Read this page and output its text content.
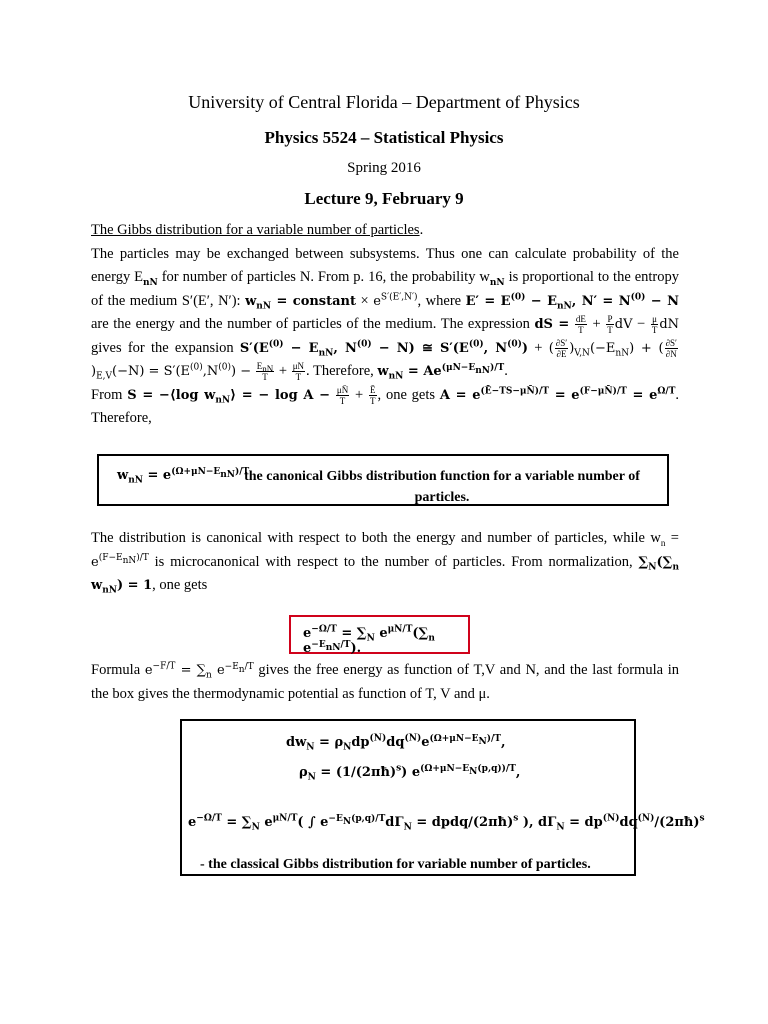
University of Central Florida – Department of Physics
Physics 5524 – Statistical Physics
Spring 2016
Lecture 9, February 9

The Gibbs distribution for a variable number of particles.

The particles may be exchanged between subsystems. Thus one can calculate probability of the energy $E_{nN}$ for number of particles N. From p. 16, the probability $w_{nN}$ is proportional to the entropy of the medium S′(E′, N′): $w_{nN}$ = constant × $e^{S'(E',N')}$, where $E' = E^{(0)} - E_{nN}$, $N' = N^{(0)} - N$ are the energy and the number of particles of the medium. The expression dS = $\frac{dE}{T} + \frac{P}{T}$ dV − $\frac{\mu}{T}$ dN gives for the expansion $S'(E^{(0)} - E_{nN}$, $N^{(0)} - N$) ≅ $S'(E^{(0)}$, $N^{(0)}$) + ( $\frac{\partial S'}{\partial E} )_{V,N}(-E_{nN})$ + ( $\frac{\partial S'}{\partial N}$
)$_{E,V}(-N) = S'(E^{(0)},N^{(0)}) - \frac{E_{nN}}{T} + \frac{\mu N}{T}$ . Therefore, $w_{nN} = Ae^{(\mu N-E_{nN})/T}$.

From S = −⟨log $w_{nN}⟩$ = − $\log A - \frac{\mu N̄}{T} + \frac{Ē}{T}$ , one gets $A = e^{(Ē-TS-\mu N̄)/T} = e^{(F-\mu N̄)/T} = e^{\Omega/T}$. Therefore,

$w_{nN} = e^{(\Omega+\mu N-E_{nN})/T}$
the canonical Gibbs distribution function for a variable number of particles.

The distribution is canonical with respect to both the energy and number of particles, while $w_n = e^{(F-E_{nN})/T}$ is microcanonical with respect to the number of particles. From normalization, $\sum_N(\sum_n$ $w_{nN}) = 1$, one gets

$e^{-\Omega/T} = \sum_N$ $e^{\mu N/T}(\sum_n$ $e^{-E_{nN}/T}$).

Formula $e^{-F/T} = \sum_n$ $e^{-E_n/T}$ gives the free energy as function of T,V and N, and the last formula in the box gives the thermodynamic potential as function of T, V and μ.

$dw_N = \rho_Ndp^{(N)}dq^{(N)}e^{(\Omega+\mu N-E_N)/T}$,
$\rho_N$ = (1/(2πħ)$^s$) $e^{(\Omega+\mu N-E_N(p,q))/T}$,
$e^{-\Omega/T} = \sum_N$ $e^{\mu N/T}$( ∫ $e^{-E_N(p,q)/T}d\Gamma_N$ = dpdq/(2πħ)$^s$ ), $d\Gamma_N$ = $dp^{(N)}dq^{(N)}/(2\pi ħ)^s$
- the classical Gibbs distribution for variable number of particles.
